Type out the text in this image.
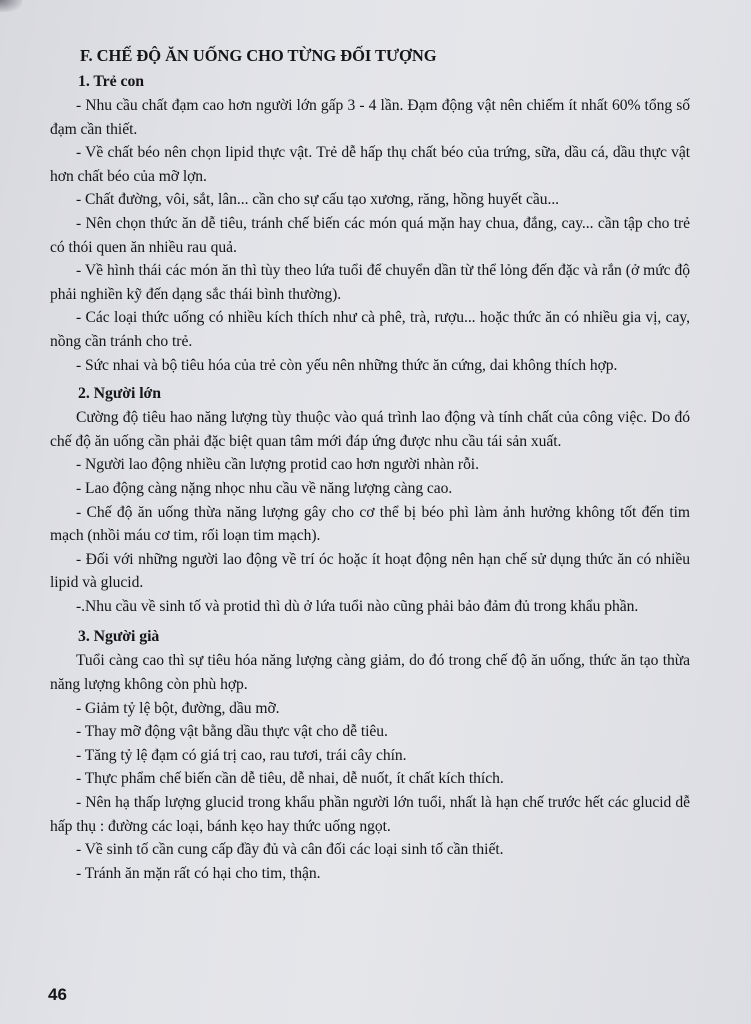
F. CHẾ ĐỘ ĂN UỐNG CHO TỪNG ĐỐI TƯỢNG
1. Trẻ con

- Nhu cầu chất đạm cao hơn người lớn gấp 3 - 4 lần. Đạm động vật nên chiếm ít nhất 60% tổng số đạm cần thiết.

- Về chất béo nên chọn lipid thực vật. Trẻ dễ hấp thụ chất béo của trứng, sữa, dầu cá, dầu thực vật hơn chất béo của mỡ lợn.

- Chất đường, vôi, sắt, lân... cần cho sự cấu tạo xương, răng, hồng huyết cầu...

- Nên chọn thức ăn dễ tiêu, tránh chế biến các món quá mặn hay chua, đắng, cay... cần tập cho trẻ có thói quen ăn nhiều rau quả.

- Về hình thái các món ăn thì tùy theo lứa tuổi để chuyển dần từ thể lỏng đến đặc và rắn (ở mức độ phải nghiền kỹ đến dạng sắc thái bình thường).

- Các loại thức uống có nhiều kích thích như cà phê, trà, rượu... hoặc thức ăn có nhiều gia vị, cay, nồng cần tránh cho trẻ.

- Sức nhai và bộ tiêu hóa của trẻ còn yếu nên những thức ăn cứng, dai không thích hợp.

2. Người lớn

Cường độ tiêu hao năng lượng tùy thuộc vào quá trình lao động và tính chất của công việc. Do đó chế độ ăn uống cần phải đặc biệt quan tâm mới đáp ứng được nhu cầu tái sản xuất.

- Người lao động nhiều cần lượng protid cao hơn người nhàn rỗi.

- Lao động càng nặng nhọc nhu cầu về năng lượng càng cao.

- Chế độ ăn uống thừa năng lượng gây cho cơ thể bị béo phì làm ảnh hưởng không tốt đến tim mạch (nhồi máu cơ tim, rối loạn tim mạch).

- Đối với những người lao động về trí óc hoặc ít hoạt động nên hạn chế sử dụng thức ăn có nhiều lipid và glucid.

-.Nhu cầu về sinh tố và protid thì dù ở lứa tuổi nào cũng phải bảo đảm đủ trong khẩu phần.

3. Người già

Tuổi càng cao thì sự tiêu hóa năng lượng càng giảm, do đó trong chế độ ăn uống, thức ăn tạo thừa năng lượng không còn phù hợp.

- Giảm tỷ lệ bột, đường, dầu mỡ.

- Thay mỡ động vật bằng dầu thực vật cho dễ tiêu.

- Tăng tỷ lệ đạm có giá trị cao, rau tươi, trái cây chín.

- Thực phẩm chế biến cần dễ tiêu, dễ nhai, dễ nuốt, ít chất kích thích.

- Nên hạ thấp lượng glucid trong khẩu phần người lớn tuổi, nhất là hạn chế trước hết các glucid dễ hấp thụ : đường các loại, bánh kẹo hay thức uống ngọt.

- Về sinh tố cần cung cấp đầy đủ và cân đối các loại sinh tố cần thiết.

- Tránh ăn mặn rất có hại cho tim, thận.

46
